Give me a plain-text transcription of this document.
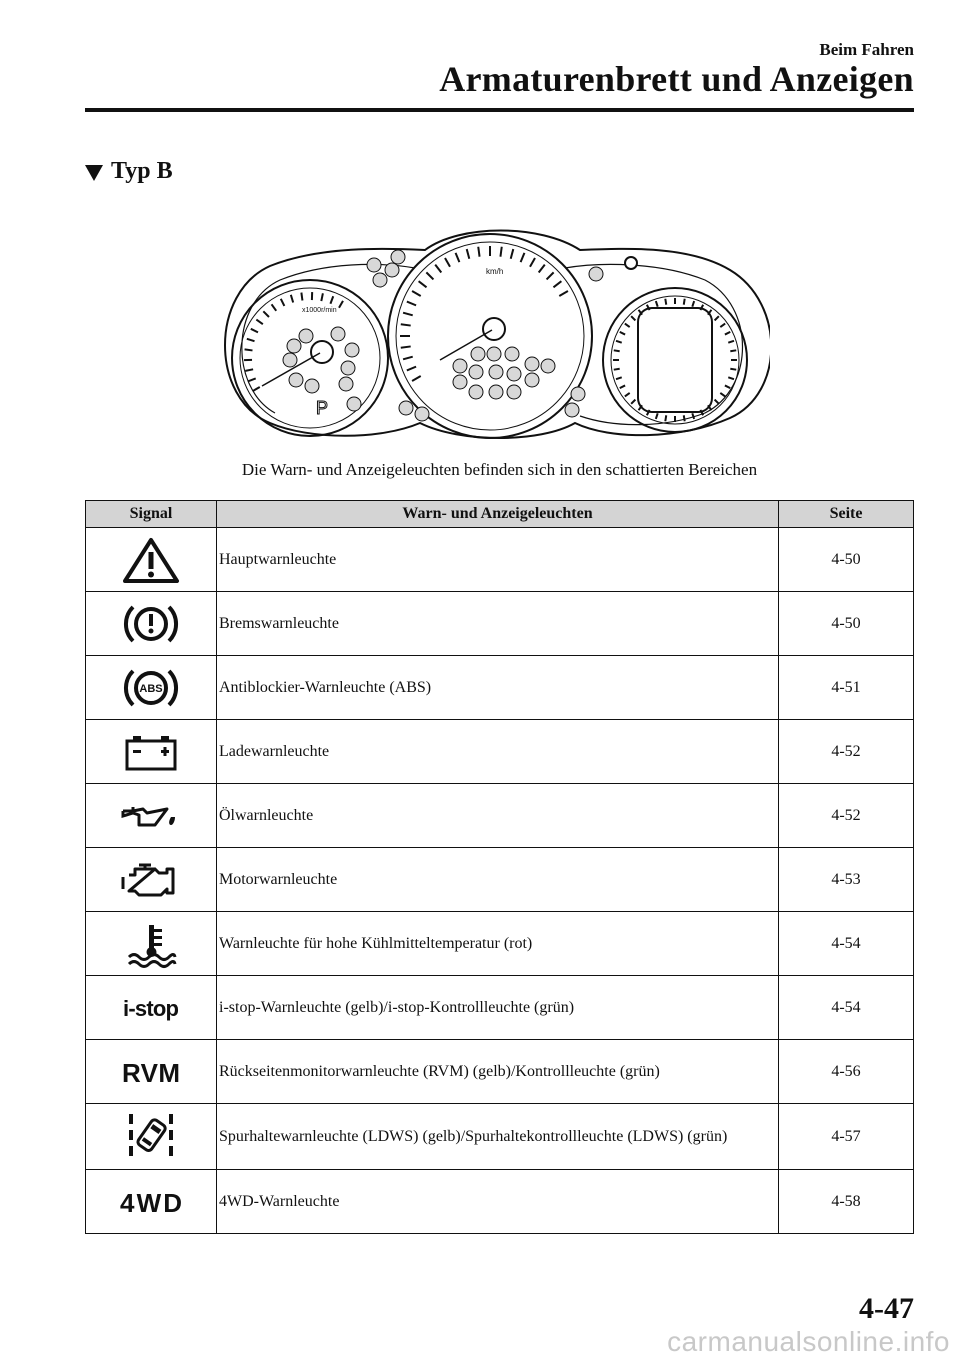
Beim Fahren
Armaturenbrett und Anzeigen
Typ B
x1000r/min
km/h
P
Die Warn- und Anzeigeleuchten befinden sich in den schattierten Bereichen
Signal	Warn- und Anzeigeleuchten	Seite
	Hauptwarnleuchte	4-50
	Bremswarnleuchte	4-50

ABS	Antiblockier-Warnleuchte (ABS)	4-51
	Ladewarnleuchte	4-52
	Ölwarnleuchte	4-52
	Motorwarnleuchte	4-53
	Warnleuchte für hohe Kühlmitteltemperatur (rot)	4-54

i-stop	i-stop-Warnleuchte (gelb)/i-stop-Kontrollleuchte (grün)	4-54

RVM	Rückseitenmonitorwarnleuchte (RVM) (gelb)/Kontrollleuchte (grün)	4-56
	Spurhaltewarnleuchte (LDWS) (gelb)/Spurhaltekontrollleuchte (LDWS) (grün)	4-57

4WD	4WD-Warnleuchte	4-58
4-47
carmanualsonline.info
